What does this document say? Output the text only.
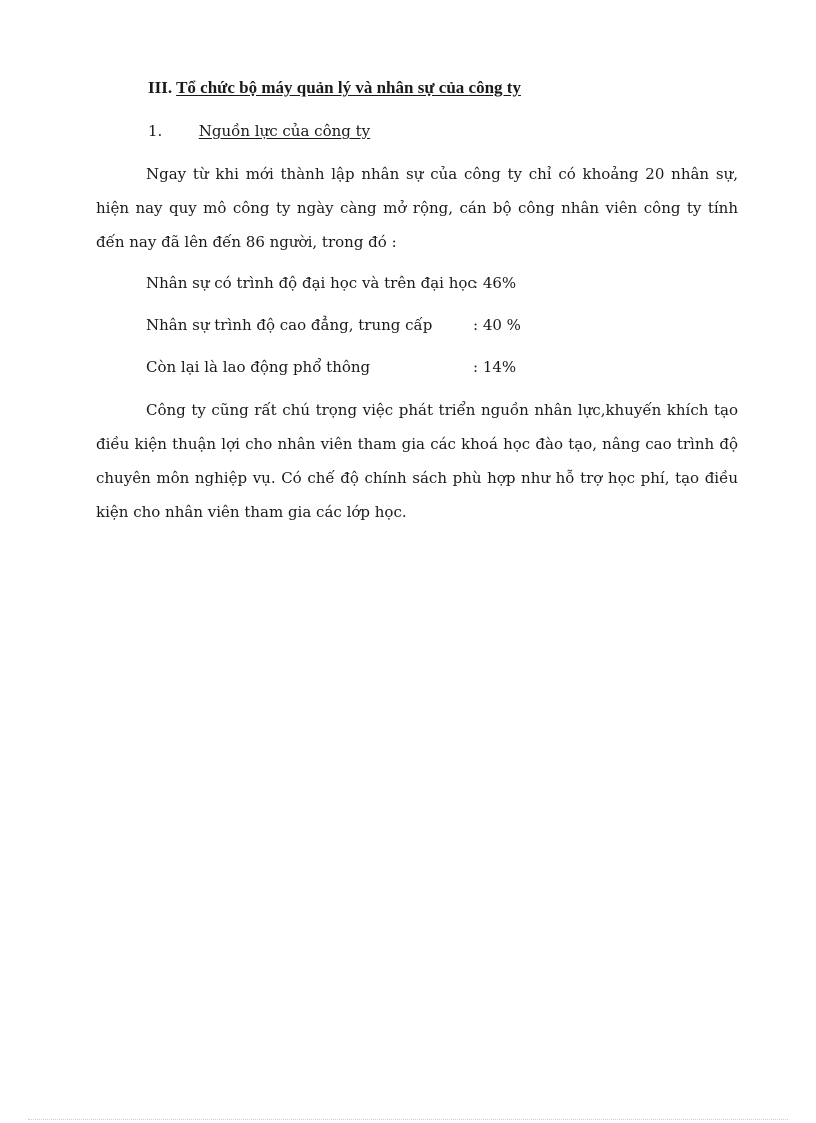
III. Tổ chức bộ máy quản lý và nhân sự của công ty
1. Nguồn lực của công ty

Ngay từ khi mới thành lập nhân sự của công ty chỉ có khoảng 20 nhân sự, hiện nay quy mô công ty ngày càng mở rộng, cán bộ công nhân viên công ty tính đến nay đã lên đến 86 người, trong đó :

Nhân sự có trình độ đại học và trên đại học: 46%
Nhân sự trình độ cao đẳng, trung cấp	: 40 %
Còn lại là lao động phổ thông	: 14%

Công ty cũng rất chú trọng việc phát triển nguồn nhân lực,khuyến khích tạo điều kiện thuận lợi cho nhân viên tham gia các khoá học đào tạo, nâng cao trình độ chuyên môn nghiệp vụ. Có chế độ chính sách phù hợp như hỗ trợ học phí, tạo điều kiện cho nhân viên tham gia các lớp học.
